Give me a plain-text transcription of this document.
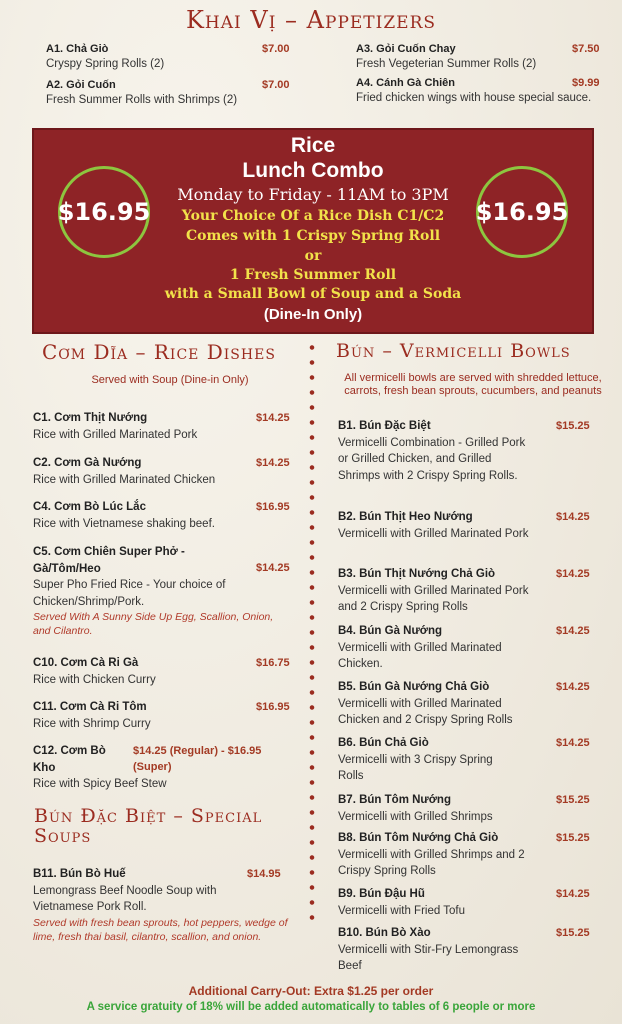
Khai Vị – Appetizers
A1. Chả Giò	$7.00
Cryspy Spring Rolls (2)
A2. Gỏi Cuốn	$7.00
Fresh Summer Rolls with Shrimps (2)
A3. Gỏi Cuốn Chay	$7.50
Fresh Vegeterian Summer Rolls (2)
A4. Cánh Gà Chiên	$9.99
Fried chicken wings with house special sauce.
$16.95	$16.95
Rice
Lunch Combo
Monday to Friday - 11AM to 3PM
Your Choice Of a Rice Dish C1/C2
Comes with 1 Crispy Spring Roll
or
1 Fresh Summer Roll
with a Small Bowl of Soup and a Soda
(Dine-In Only)
Cơm Dĩa – Rice Dishes
Served with Soup (Dine-in Only)
C1. Cơm Thịt Nướng	$14.25
Rice with Grilled Marinated Pork
C2. Cơm Gà Nướng	$14.25
Rice with Grilled Marinated Chicken
C4. Cơm Bò Lúc Lắc	$16.95
Rice with Vietnamese shaking beef.
C5. Cơm Chiên Super Phở - Gà/Tôm/Heo	$14.25
Super Pho Fried Rice - Your choice of Chicken/Shrimp/Pork.
Served With A Sunny Side Up Egg, Scallion, Onion, and Cilantro.
C10. Cơm Cà Ri Gà	$16.75
Rice with Chicken Curry
C11. Cơm Cà Ri Tôm	$16.95
Rice with Shrimp Curry
C12. Cơm Bò Kho
$14.25 (Regular) - $16.95 (Super)
Rice with Spicy Beef Stew
Bún Đặc Biệt – Special Soups
B11. Bún Bò Huế	$14.95
Lemongrass Beef Noodle Soup with Vietnamese Pork Roll.
Served with fresh bean sprouts, hot peppers, wedge of lime, fresh thai basil, cilantro, scallion, and onion.
Bún – Vermicelli Bowls
All vermicelli bowls are served with shredded lettuce, carrots, fresh bean sprouts, cucumbers, and peanuts
B1. Bún Đặc Biệt	$15.25
Vermicelli Combination - Grilled Pork or Grilled Chicken, and Grilled Shrimps with 2 Crispy Spring Rolls.
B2. Bún Thịt Heo Nướng	$14.25
Vermicelli with Grilled Marinated Pork
B3. Bún Thịt Nướng Chả Giò	$14.25
Vermicelli with Grilled Marinated Pork and 2 Crispy Spring Rolls
B4. Bún Gà Nướng	$14.25
Vermicelli with Grilled Marinated Chicken.
B5. Bún Gà Nướng Chả Giò	$14.25
Vermicelli with Grilled Marinated Chicken and 2 Crispy Spring Rolls
B6. Bún Chả Giò	$14.25
Vermicelli with 3 Crispy Spring Rolls
B7. Bún Tôm Nướng	$15.25
Vermicelli with Grilled Shrimps
B8. Bún Tôm Nướng Chả Giò	$15.25
Vermicelli with Grilled Shrimps and 2 Crispy Spring Rolls
B9. Bún Đậu Hũ	$14.25
Vermicelli with Fried Tofu
B10. Bún Bò Xào	$15.25
Vermicelli with Stir-Fry Lemongrass Beef
Additional Carry-Out: Extra $1.25 per order
A service gratuity of 18% will be added automatically to tables of 6 people or more
